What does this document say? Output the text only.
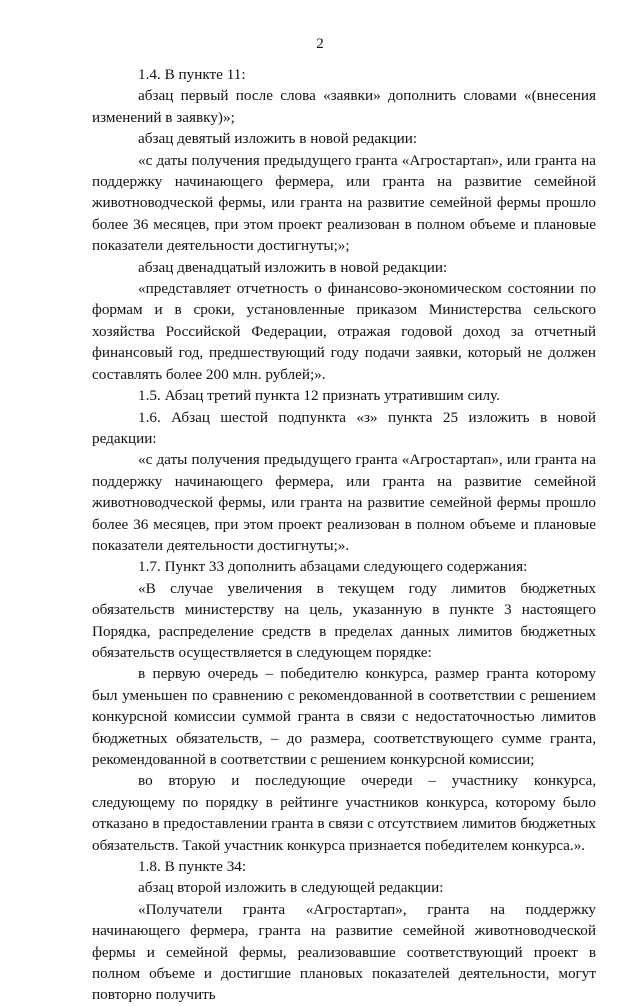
2

1.4. В пункте 11:

абзац первый после слова «заявки» дополнить словами «(внесения изменений в заявку)»;

абзац девятый изложить в новой редакции:

«с даты получения предыдущего гранта «Агростартап», или гранта на поддержку начинающего фермера, или гранта на развитие семейной животноводческой фермы, или гранта на развитие семейной фермы прошло более 36 месяцев, при этом проект реализован в полном объеме и плановые показатели деятельности достигнуты;»;

абзац двенадцатый изложить в новой редакции:

«представляет отчетность о финансово-экономическом состоянии по формам и в сроки, установленные приказом Министерства сельского хозяйства Российской Федерации, отражая годовой доход за отчетный финансовый год, предшествующий году подачи заявки, который не должен составлять более 200 млн. рублей;».

1.5. Абзац третий пункта 12 признать утратившим силу.

1.6. Абзац шестой подпункта «з» пункта 25 изложить в новой редакции:

«с даты получения предыдущего гранта «Агростартап», или гранта на поддержку начинающего фермера, или гранта на развитие семейной животноводческой фермы, или гранта на развитие семейной фермы прошло более 36 месяцев, при этом проект реализован в полном объеме и плановые показатели деятельности достигнуты;».

1.7. Пункт 33 дополнить абзацами следующего содержания:

«В случае увеличения в текущем году лимитов бюджетных обязательств министерству на цель, указанную в пункте 3 настоящего Порядка, распределение средств в пределах данных лимитов бюджетных обязательств осуществляется в следующем порядке:

в первую очередь – победителю конкурса, размер гранта которому был уменьшен по сравнению с рекомендованной в соответствии с решением конкурсной комиссии суммой гранта в связи с недостаточностью лимитов бюджетных обязательств, – до размера, соответствующего сумме гранта, рекомендованной в соответствии с решением конкурсной комиссии;

во вторую и последующие очереди – участнику конкурса, следующему по порядку в рейтинге участников конкурса, которому было отказано в предоставлении гранта в связи с отсутствием лимитов бюджетных обязательств. Такой участник конкурса признается победителем конкурса.».

1.8. В пункте 34:

абзац второй изложить в следующей редакции:

«Получатели гранта «Агростартап», гранта на поддержку начинающего фермера, гранта на развитие семейной животноводческой фермы и семейной фермы, реализовавшие соответствующий проект в полном объеме и достигшие плановых показателей деятельности, могут повторно получить
